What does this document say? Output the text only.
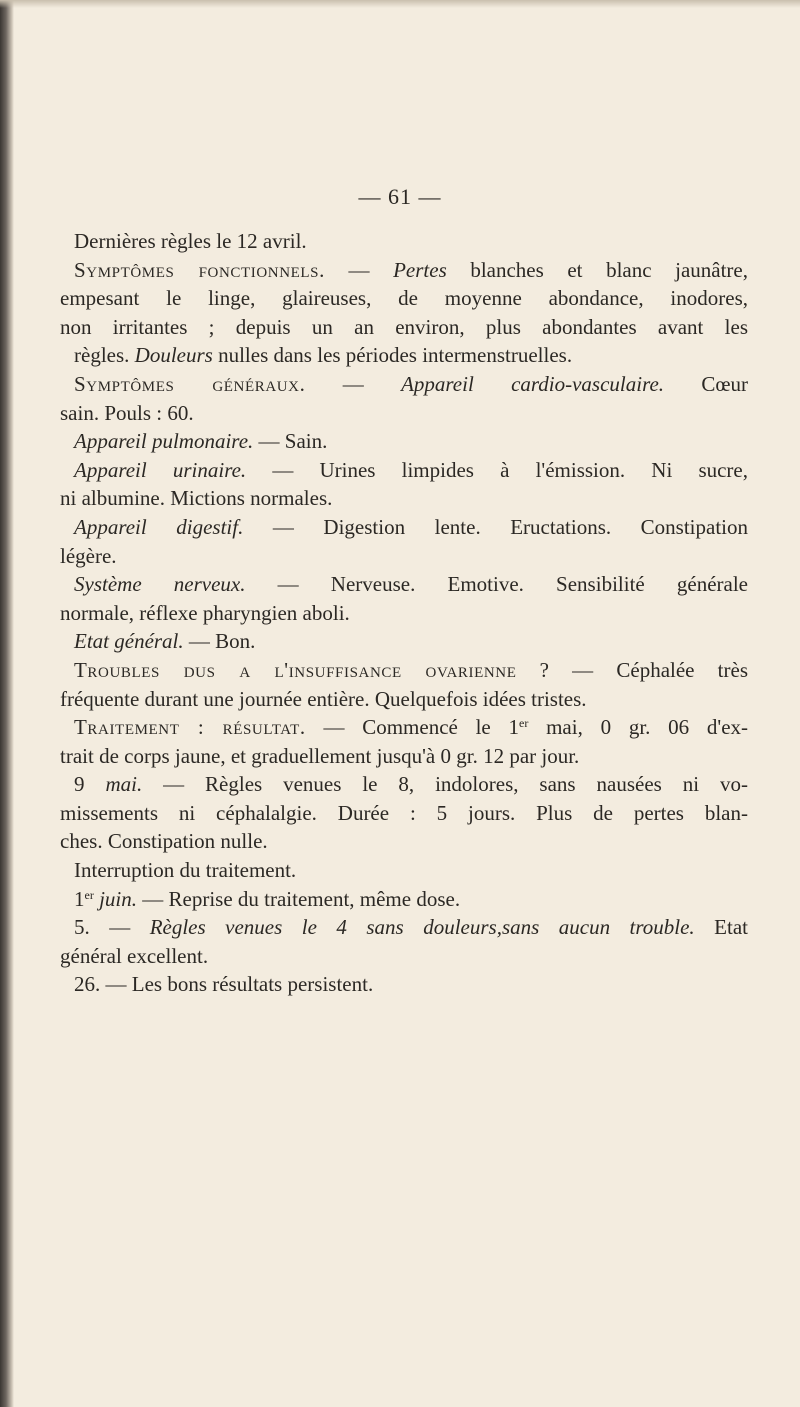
— 61 —
Dernières règles le 12 avril.
Symptômes fonctionnels. — Pertes blanches et blanc jaunâtre,
empesant le linge, glaireuses, de moyenne abondance, inodores,
non irritantes ; depuis un an environ, plus abondantes avant les
règles. Douleurs nulles dans les périodes intermenstruelles.
Symptômes généraux. — Appareil cardio-vasculaire. Cœur
sain. Pouls : 60.
Appareil pulmonaire. — Sain.
Appareil urinaire. — Urines limpides à l'émission. Ni sucre,
ni albumine. Mictions normales.
Appareil digestif. — Digestion lente. Eructations. Constipation
légère.
Système nerveux. — Nerveuse. Emotive. Sensibilité générale
normale, réflexe pharyngien aboli.
Etat général. — Bon.
Troubles dus a l'insuffisance ovarienne ? — Céphalée très
fréquente durant une journée entière. Quelquefois idées tristes.
Traitement : résultat. — Commencé le 1er mai, 0 gr. 06 d'ex-
trait de corps jaune, et graduellement jusqu'à 0 gr. 12 par jour.
9 mai. — Règles venues le 8, indolores, sans nausées ni vo-
missements ni céphalalgie. Durée : 5 jours. Plus de pertes blan-
ches. Constipation nulle.
Interruption du traitement.
1er juin. — Reprise du traitement, même dose.
5. — Règles venues le 4 sans douleurs,sans aucun trouble. Etat
général excellent.
26. — Les bons résultats persistent.
